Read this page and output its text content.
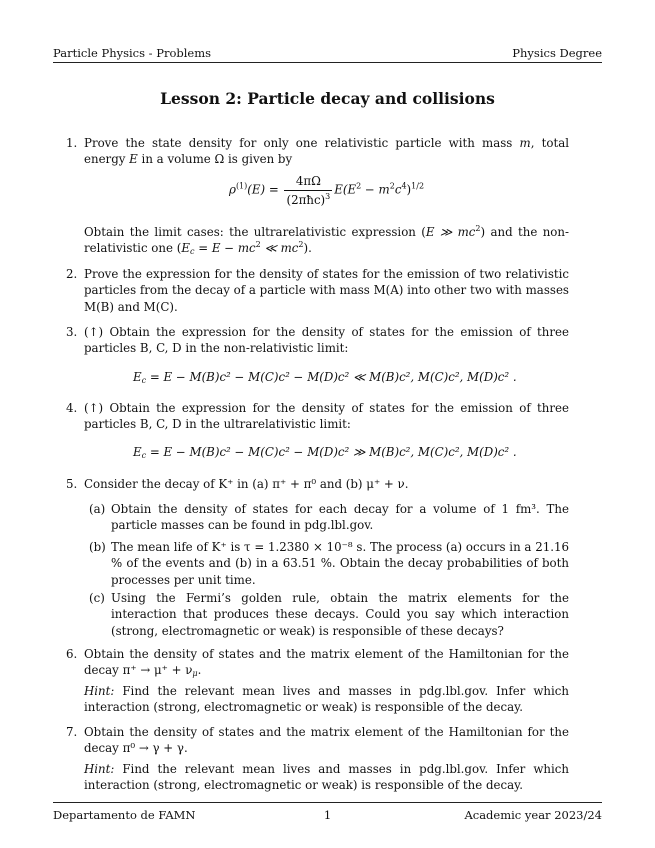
Particle Physics - Problems	Physics Degree
Lesson 2: Particle decay and collisions
1. Prove the state density for only one relativistic particle with mass m, total energy E in a volume Ω is given by
$\rho^{(1)}(E) = \frac{4\pi\Omega}{(2\pi ħc)^3} E(E^2 - m^2c^4)^{1/2}$
Obtain the limit cases: the ultrarelativistic expression (E ≫ $mc^2$) and the non-relativistic one ($E_c = E - mc^2$ ≪ $mc^2$).
2. Prove the expression for the density of states for the emission of two relativistic particles from the decay of a particle with mass M(A) into other two with masses M(B) and M(C).
3. (↑) Obtain the expression for the density of states for the emission of three particles B, C, D in the non-relativistic limit:
$E_c = E - M(B)c^2 - M(C)c^2 - M(D)c^2$ ≪ M(B)c², M(C)c², M(D)c² .
4. (↑) Obtain the expression for the density of states for the emission of three particles B, C, D in the ultrarelativistic limit:
$E_c = E - M(B)c^2 - M(C)c^2 - M(D)c^2$ ≫ M(B)c², M(C)c², M(D)c² .
5. Consider the decay of K⁺ in (a) π⁺ + π⁰ and (b) μ⁺ + ν.
(a) Obtain the density of states for each decay for a volume of 1 fm³. The particle masses can be found in pdg.lbl.gov.
(b) The mean life of K⁺ is τ = 1.2380 × 10⁻⁸ s. The process (a) occurs in a 21.16 % of the events and (b) in a 63.51 %. Obtain the decay probabilities of both processes per unit time.
(c) Using the Fermi’s golden rule, obtain the matrix elements for the interaction that produces these decays. Could you say which interaction (strong, electromagnetic or weak) is responsible of these decays?
6. Obtain the density of states and the matrix element of the Hamiltonian for the decay $\pi^+ \to \mu^+ + \nu_\mu$.
Hint: Find the relevant mean lives and masses in pdg.lbl.gov. Infer which interaction (strong, electromagnetic or weak) is responsible of the decay.
7. Obtain the density of states and the matrix element of the Hamiltonian for the decay π⁰ → γ + γ.
Hint: Find the relevant mean lives and masses in pdg.lbl.gov. Infer which interaction (strong, electromagnetic or weak) is responsible of the decay.
Departamento de FAMN	1	Academic year 2023/24
